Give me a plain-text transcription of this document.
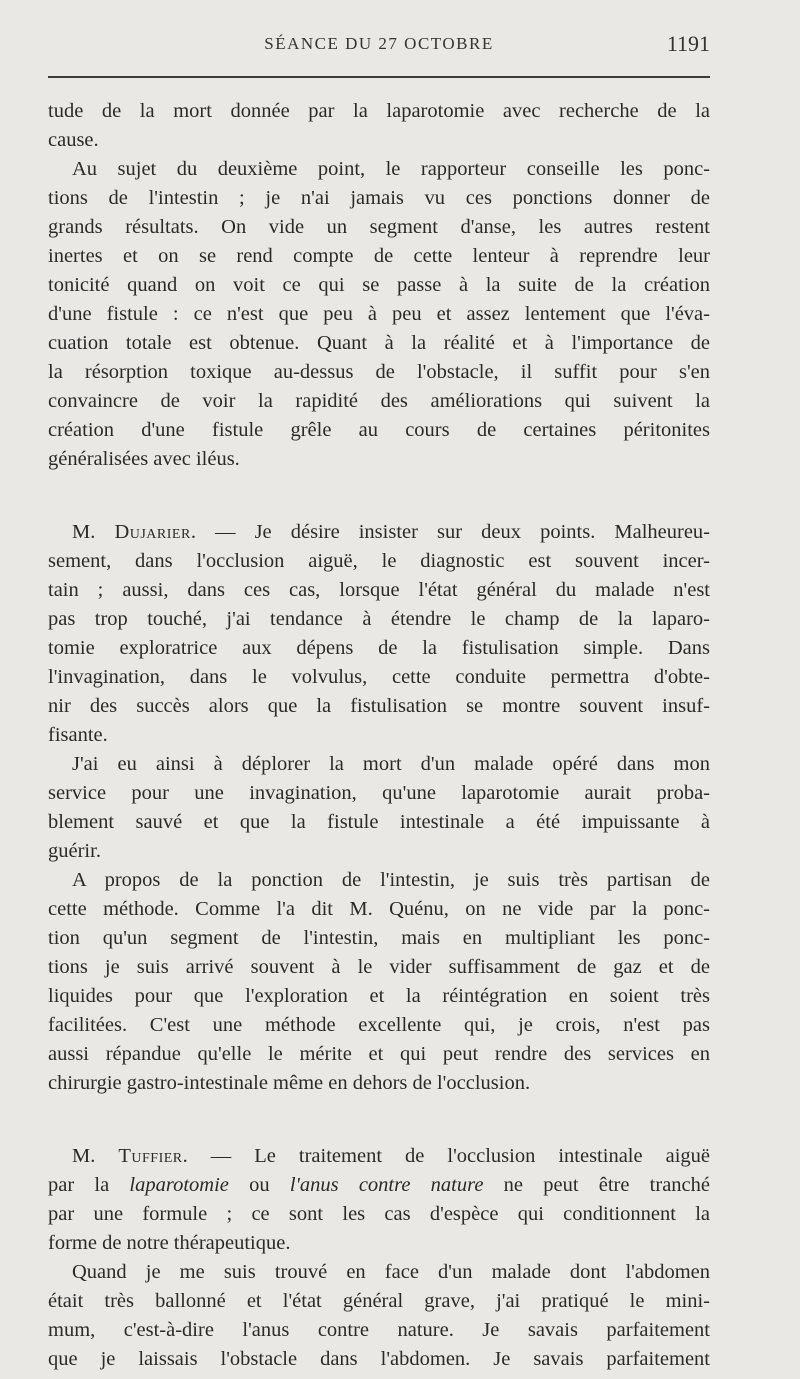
SÉANCE DU 27 OCTOBRE	1191
tude de la mort donnée par la laparotomie avec recherche de la
cause.
Au sujet du deuxième point, le rapporteur conseille les ponc-
tions de l'intestin ; je n'ai jamais vu ces ponctions donner de
grands résultats. On vide un segment d'anse, les autres restent
inertes et on se rend compte de cette lenteur à reprendre leur
tonicité quand on voit ce qui se passe à la suite de la création
d'une fistule : ce n'est que peu à peu et assez lentement que l'éva-
cuation totale est obtenue. Quant à la réalité et à l'importance de
la résorption toxique au-dessus de l'obstacle, il suffit pour s'en
convaincre de voir la rapidité des améliorations qui suivent la
création d'une fistule grêle au cours de certaines péritonites
généralisées avec iléus.
M. Dujarier. — Je désire insister sur deux points. Malheureu-
sement, dans l'occlusion aiguë, le diagnostic est souvent incer-
tain ; aussi, dans ces cas, lorsque l'état général du malade n'est
pas trop touché, j'ai tendance à étendre le champ de la laparo-
tomie exploratrice aux dépens de la fistulisation simple. Dans
l'invagination, dans le volvulus, cette conduite permettra d'obte-
nir des succès alors que la fistulisation se montre souvent insuf-
fisante.
J'ai eu ainsi à déplorer la mort d'un malade opéré dans mon
service pour une invagination, qu'une laparotomie aurait proba-
blement sauvé et que la fistule intestinale a été impuissante à
guérir.
A propos de la ponction de l'intestin, je suis très partisan de
cette méthode. Comme l'a dit M. Quénu, on ne vide par la ponc-
tion qu'un segment de l'intestin, mais en multipliant les ponc-
tions je suis arrivé souvent à le vider suffisamment de gaz et de
liquides pour que l'exploration et la réintégration en soient très
facilitées. C'est une méthode excellente qui, je crois, n'est pas
aussi répandue qu'elle le mérite et qui peut rendre des services en
chirurgie gastro-intestinale même en dehors de l'occlusion.
M. Tuffier. — Le traitement de l'occlusion intestinale aiguë
par la laparotomie ou l'anus contre nature ne peut être tranché
par une formule ; ce sont les cas d'espèce qui conditionnent la
forme de notre thérapeutique.
Quand je me suis trouvé en face d'un malade dont l'abdomen
était très ballonné et l'état général grave, j'ai pratiqué le mini-
mum, c'est-à-dire l'anus contre nature. Je savais parfaitement
que je laissais l'obstacle dans l'abdomen. Je savais parfaitement
